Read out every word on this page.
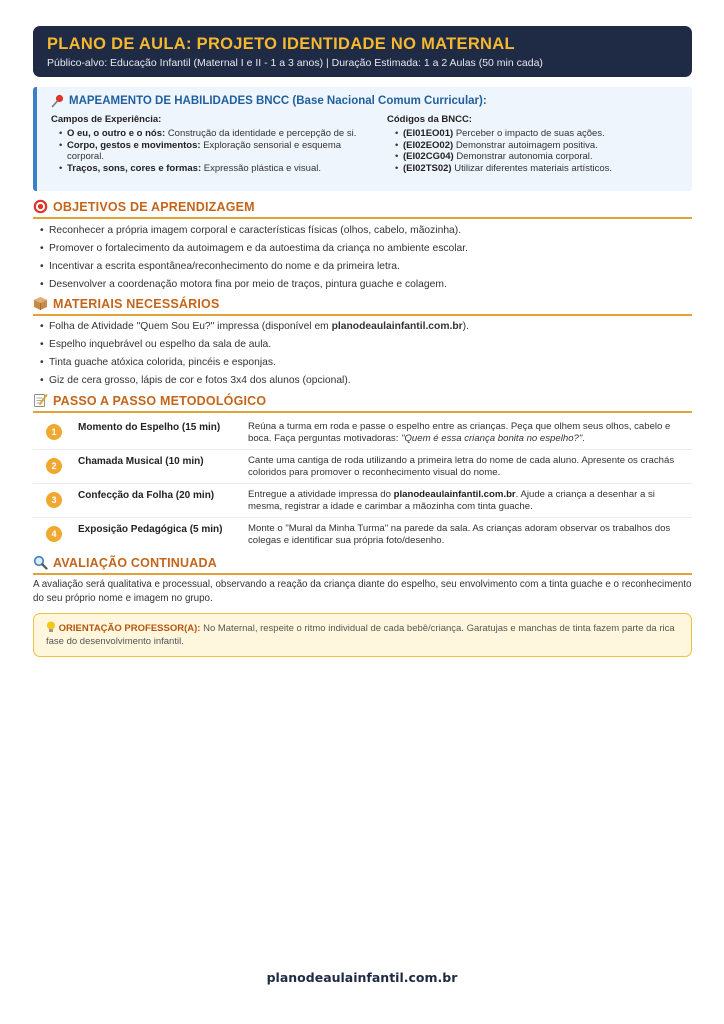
PLANO DE AULA: PROJETO IDENTIDADE NO MATERNAL
Público-alvo: Educação Infantil (Maternal I e II - 1 a 3 anos) | Duração Estimada: 1 a 2 Aulas (50 min cada)
MAPEAMENTO DE HABILIDADES BNCC (Base Nacional Comum Curricular):
Campos de Experiência:
• O eu, o outro e o nós: Construção da identidade e percepção de si.
• Corpo, gestos e movimentos: Exploração sensorial e esquema corporal.
• Traços, sons, cores e formas: Expressão plástica e visual.
Códigos da BNCC:
• (EI01EO01) Perceber o impacto de suas ações.
• (EI02EO02) Demonstrar autoimagem positiva.
• (EI02CG04) Demonstrar autonomia corporal.
• (EI02TS02) Utilizar diferentes materiais artísticos.
OBJETIVOS DE APRENDIZAGEM
• Reconhecer a própria imagem corporal e características físicas (olhos, cabelo, mãozinha).
• Promover o fortalecimento da autoimagem e da autoestima da criança no ambiente escolar.
• Incentivar a escrita espontânea/reconhecimento do nome e da primeira letra.
• Desenvolver a coordenação motora fina por meio de traços, pintura guache e colagem.
MATERIAIS NECESSÁRIOS
• Folha de Atividade "Quem Sou Eu?" impressa (disponível em planodeaulainfantil.com.br).
• Espelho inquebrável ou espelho da sala de aula.
• Tinta guache atóxica colorida, pincéis e esponjas.
• Giz de cera grosso, lápis de cor e fotos 3x4 dos alunos (opcional).
PASSO A PASSO METODOLÓGICO
1	Momento do Espelho (15 min)	Reúna a turma em roda e passe o espelho entre as crianças. Peça que olhem seus olhos, cabelo e boca. Faça perguntas motivadoras: "Quem é essa criança bonita no espelho?".
2	Chamada Musical (10 min)	Cante uma cantiga de roda utilizando a primeira letra do nome de cada aluno. Apresente os crachás coloridos para promover o reconhecimento visual do nome.
3	Confecção da Folha (20 min)	Entregue a atividade impressa do planodeaulainfantil.com.br. Ajude a criança a desenhar a si mesma, registrar a idade e carimbar a mãozinha com tinta guache.
4	Exposição Pedagógica (5 min)	Monte o "Mural da Minha Turma" na parede da sala. As crianças adoram observar os trabalhos dos colegas e identificar sua própria foto/desenho.
AVALIAÇÃO CONTINUADA
A avaliação será qualitativa e processual, observando a reação da criança diante do espelho, seu envolvimento com a tinta guache e o reconhecimento do seu próprio nome e imagem no grupo.
ORIENTAÇÃO PROFESSOR(A): No Maternal, respeite o ritmo individual de cada bebê/criança. Garatujas e manchas de tinta fazem parte da rica fase do desenvolvimento infantil.
planodeaulainfantil.com.br
